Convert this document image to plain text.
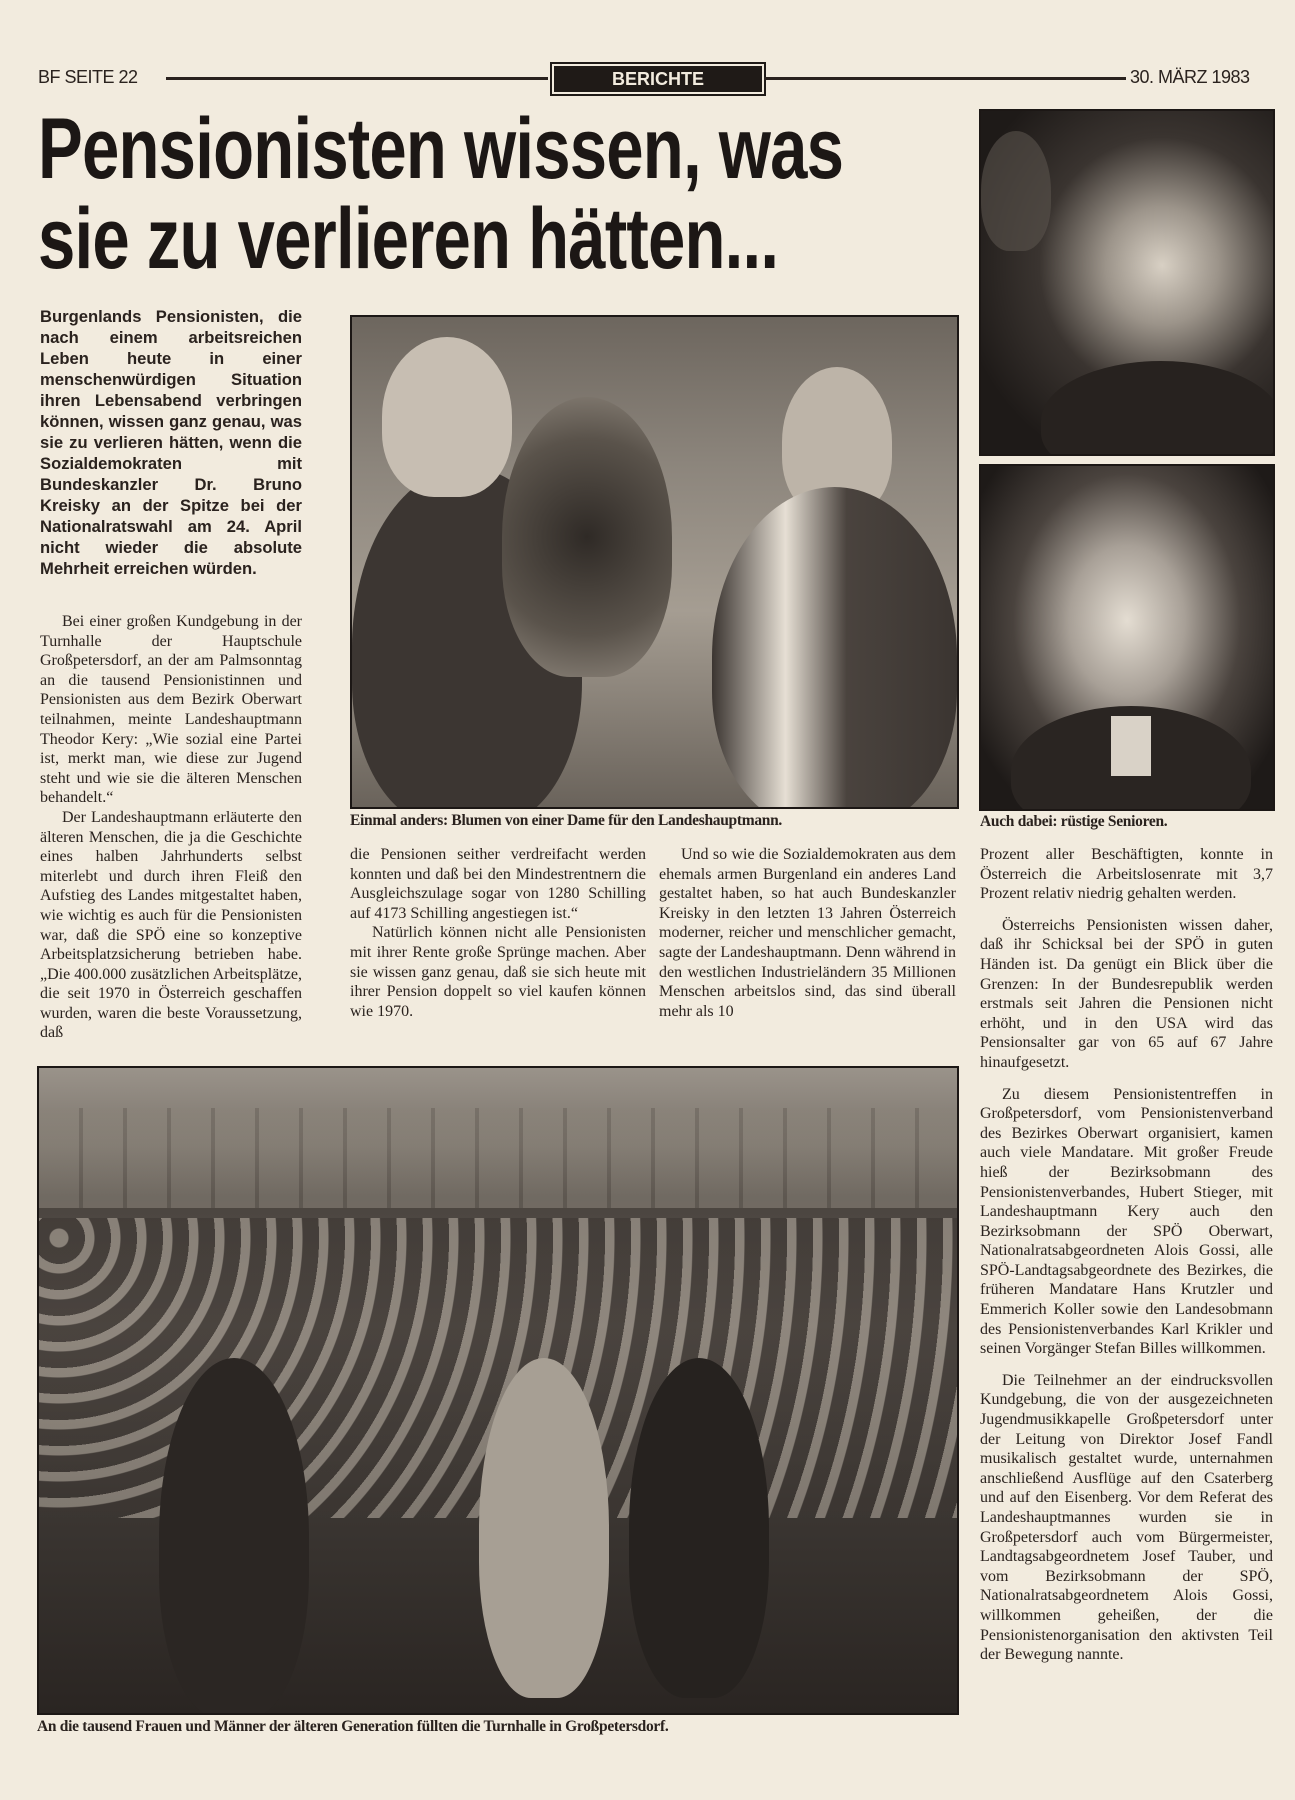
BF SEITE 22	BERICHTE	30. MÄRZ 1983
Pensionisten wissen, was
sie zu verlieren hätten...
Auch dabei: rüstige Senioren.
Einmal anders: Blumen von einer Dame für den Landeshauptmann.
Burgenlands Pensionisten, die nach einem arbeitsreichen Leben heute in einer menschenwürdigen Situation ihren Lebensabend verbringen können, wissen ganz genau, was sie zu verlieren hätten, wenn die Sozialdemokraten mit Bundeskanzler Dr. Bruno Kreisky an der Spitze bei der Nationalratswahl am 24. April nicht wieder die absolute Mehrheit erreichen würden.

Bei einer großen Kundgebung in der Turnhalle der Hauptschule Großpetersdorf, an der am Palmsonntag an die tausend Pensionistinnen und Pensionisten aus dem Bezirk Oberwart teilnahmen, meinte Landeshauptmann Theodor Kery: „Wie sozial eine Partei ist, merkt man, wie diese zur Jugend steht und wie sie die älteren Menschen behandelt.“

Der Landeshauptmann erläuterte den älteren Menschen, die ja die Geschichte eines halben Jahrhunderts selbst miterlebt und durch ihren Fleiß den Aufstieg des Landes mitgestaltet haben, wie wichtig es auch für die Pensionisten war, daß die SPÖ eine so konzeptive Arbeitsplatzsicherung betrieben habe. „Die 400.000 zusätzlichen Arbeitsplätze, die seit 1970 in Österreich geschaffen wurden, waren die beste Voraussetzung, daß

die Pensionen seither verdreifacht werden konnten und daß bei den Mindestrentnern die Ausgleichszulage sogar von 1280 Schilling auf 4173 Schilling angestiegen ist.“

Natürlich können nicht alle Pensionisten mit ihrer Rente große Sprünge machen. Aber sie wissen ganz genau, daß sie sich heute mit ihrer Pension doppelt so viel kaufen können wie 1970.

Und so wie die Sozialdemokraten aus dem ehemals armen Burgenland ein anderes Land gestaltet haben, so hat auch Bundeskanzler Kreisky in den letzten 13 Jahren Österreich moderner, reicher und menschlicher gemacht, sagte der Landeshauptmann. Denn während in den westlichen Industrieländern 35 Millionen Menschen arbeitslos sind, das sind überall mehr als 10

Prozent aller Beschäftigten, konnte in Österreich die Arbeitslosenrate mit 3,7 Prozent relativ niedrig gehalten werden.

Österreichs Pensionisten wissen daher, daß ihr Schicksal bei der SPÖ in guten Händen ist. Da genügt ein Blick über die Grenzen: In der Bundesrepublik werden erstmals seit Jahren die Pensionen nicht erhöht, und in den USA wird das Pensionsalter gar von 65 auf 67 Jahre hinaufgesetzt.

Zu diesem Pensionistentreffen in Großpetersdorf, vom Pensionistenverband des Bezirkes Oberwart organisiert, kamen auch viele Mandatare. Mit großer Freude hieß der Bezirksobmann des Pensionistenverbandes, Hubert Stieger, mit Landeshauptmann Kery auch den Bezirksobmann der SPÖ Oberwart, Nationalratsabgeordneten Alois Gossi, alle SPÖ-Landtagsabgeordnete des Bezirkes, die früheren Mandatare Hans Krutzler und Emmerich Koller sowie den Landesobmann des Pensionistenverbandes Karl Krikler und seinen Vorgänger Stefan Billes willkommen.

Die Teilnehmer an der eindrucksvollen Kundgebung, die von der ausgezeichneten Jugendmusikkapelle Großpetersdorf unter der Leitung von Direktor Josef Fandl musikalisch gestaltet wurde, unternahmen anschließend Ausflüge auf den Csaterberg und auf den Eisenberg. Vor dem Referat des Landeshauptmannes wurden sie in Großpetersdorf auch vom Bürgermeister, Landtagsabgeordnetem Josef Tauber, und vom Bezirksobmann der SPÖ, Nationalratsabgeordnetem Alois Gossi, willkommen geheißen, der die Pensionistenorganisation den aktivsten Teil der Bewegung nannte.

An die tausend Frauen und Männer der älteren Generation füllten die Turnhalle in Großpetersdorf.
